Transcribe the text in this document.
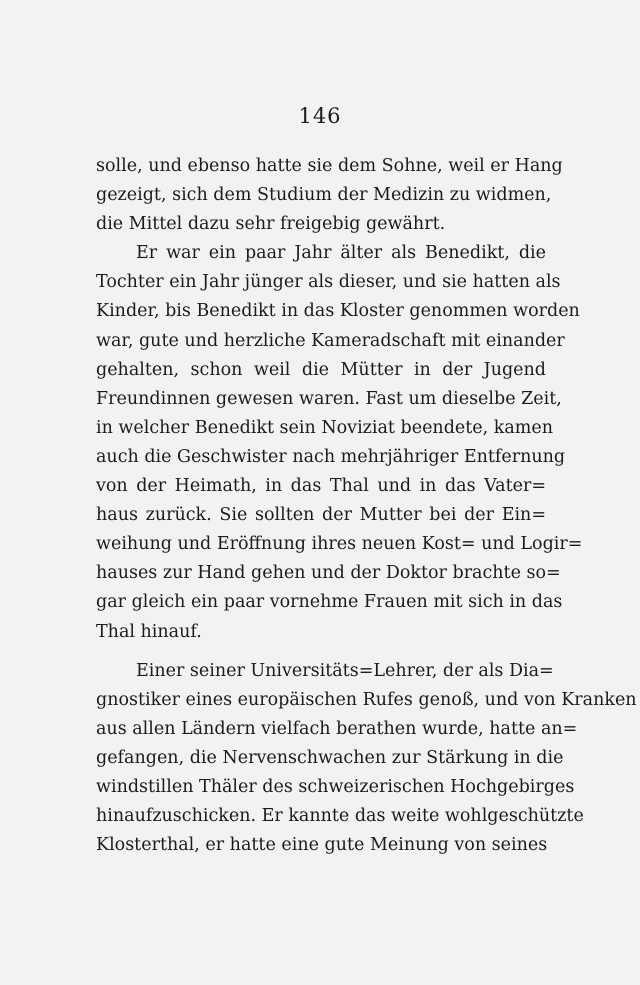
146
solle, und ebenso hatte sie dem Sohne, weil er Hang
gezeigt, sich dem Studium der Medizin zu widmen,
die Mittel dazu sehr freigebig gewährt.
Er war ein paar Jahr älter als Benedikt, die
Tochter ein Jahr jünger als dieser, und sie hatten als
Kinder, bis Benedikt in das Kloster genommen worden
war, gute und herzliche Kameradschaft mit einander
gehalten, schon weil die Mütter in der Jugend
Freundinnen gewesen waren. Fast um dieselbe Zeit,
in welcher Benedikt sein Noviziat beendete, kamen
auch die Geschwister nach mehrjähriger Entfernung
von der Heimath, in das Thal und in das Vater=
haus zurück. Sie sollten der Mutter bei der Ein=
weihung und Eröffnung ihres neuen Kost= und Logir=
hauses zur Hand gehen und der Doktor brachte so=
gar gleich ein paar vornehme Frauen mit sich in das
Thal hinauf.
Einer seiner Universitäts=Lehrer, der als Dia=
gnostiker eines europäischen Rufes genoß, und von Kranken
aus allen Ländern vielfach berathen wurde, hatte an=
gefangen, die Nervenschwachen zur Stärkung in die
windstillen Thäler des schweizerischen Hochgebirges
hinaufzuschicken. Er kannte das weite wohlgeschützte
Klosterthal, er hatte eine gute Meinung von seines
